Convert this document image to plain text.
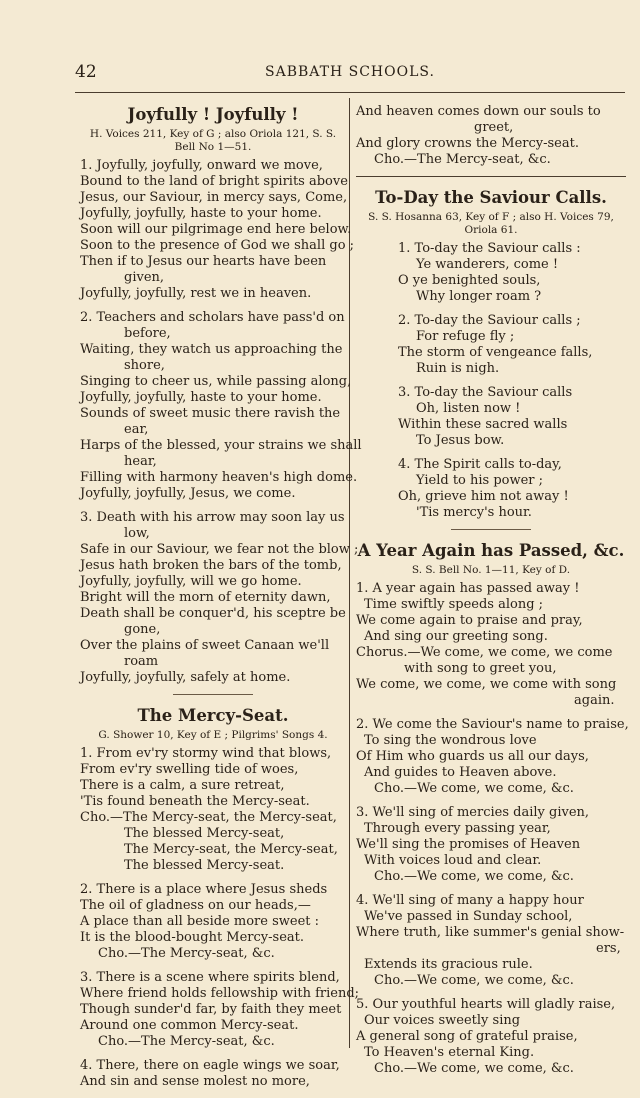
42	SABBATH SCHOOLS.
Joyfully ! Joyfully !
H. Voices 211, Key of G ; also Oriola 121, S. S.
Bell No 1—51.
1. Joyfully, joyfully, onward we move,
Bound to the land of bright spirits above
Jesus, our Saviour, in mercy says, Come,
Joyfully, joyfully, haste to your home.
Soon will our pilgrimage end here below.
Soon to the presence of God we shall go ;
Then if to Jesus our hearts have been
given,
Joyfully, joyfully, rest we in heaven.
2. Teachers and scholars have pass'd on
before,
Waiting, they watch us approaching the
shore,
Singing to cheer us, while passing along,
Joyfully, joyfully, haste to your home.
Sounds of sweet music there ravish the
ear,
Harps of the blessed, your strains we shall
hear,
Filling with harmony heaven's high dome.
Joyfully, joyfully, Jesus, we come.
3. Death with his arrow may soon lay us
low,
Safe in our Saviour, we fear not the blow ;
Jesus hath broken the bars of the tomb,
Joyfully, joyfully, will we go home.
Bright will the morn of eternity dawn,
Death shall be conquer'd, his sceptre be
gone,
Over the plains of sweet Canaan we'll
roam
Joyfully, joyfully, safely at home.
The Mercy-Seat.
G. Shower 10, Key of E ; Pilgrims' Songs 4.
1. From ev'ry stormy wind that blows,
From ev'ry swelling tide of woes,
There is a calm, a sure retreat,
'Tis found beneath the Mercy-seat.
Cho.—The Mercy-seat, the Mercy-seat,
The blessed Mercy-seat,
The Mercy-seat, the Mercy-seat,
The blessed Mercy-seat.
2. There is a place where Jesus sheds
The oil of gladness on our heads,—
A place than all beside more sweet :
It is the blood-bought Mercy-seat.
Cho.—The Mercy-seat, &c.
3. There is a scene where spirits blend,
Where friend holds fellowship with friend;
Though sunder'd far, by faith they meet
Around one common Mercy-seat.
Cho.—The Mercy-seat, &c.
4. There, there on eagle wings we soar,
And sin and sense molest no more,
And heaven comes down our souls to
greet,
And glory crowns the Mercy-seat.
Cho.—The Mercy-seat, &c.
To-Day the Saviour Calls.
S. S. Hosanna 63, Key of F ; also H. Voices 79,
Oriola 61.
1. To-day the Saviour calls :
Ye wanderers, come !
O ye benighted souls,
Why longer roam ?
2. To-day the Saviour calls ;
For refuge fly ;
The storm of vengeance falls,
Ruin is nigh.
3. To-day the Saviour calls
Oh, listen now !
Within these sacred walls
To Jesus bow.
4. The Spirit calls to-day,
Yield to his power ;
Oh, grieve him not away !
'Tis mercy's hour.
A Year Again has Passed, &c.
S. S. Bell No. 1—11, Key of D.
1. A year again has passed away !
Time swiftly speeds along ;
We come again to praise and pray,
And sing our greeting song.
Chorus.—We come, we come, we come
with song to greet you,
We come, we come, we come with song
again.
2. We come the Saviour's name to praise,
To sing the wondrous love
Of Him who guards us all our days,
And guides to Heaven above.
Cho.—We come, we come, &c.
3. We'll sing of mercies daily given,
Through every passing year,
We'll sing the promises of Heaven
With voices loud and clear.
Cho.—We come, we come, &c.
4. We'll sing of many a happy hour
We've passed in Sunday school,
Where truth, like summer's genial show-
ers,
Extends its gracious rule.
Cho.—We come, we come, &c.
5. Our youthful hearts will gladly raise,
Our voices sweetly sing
A general song of grateful praise,
To Heaven's eternal King.
Cho.—We come, we come, &c.
